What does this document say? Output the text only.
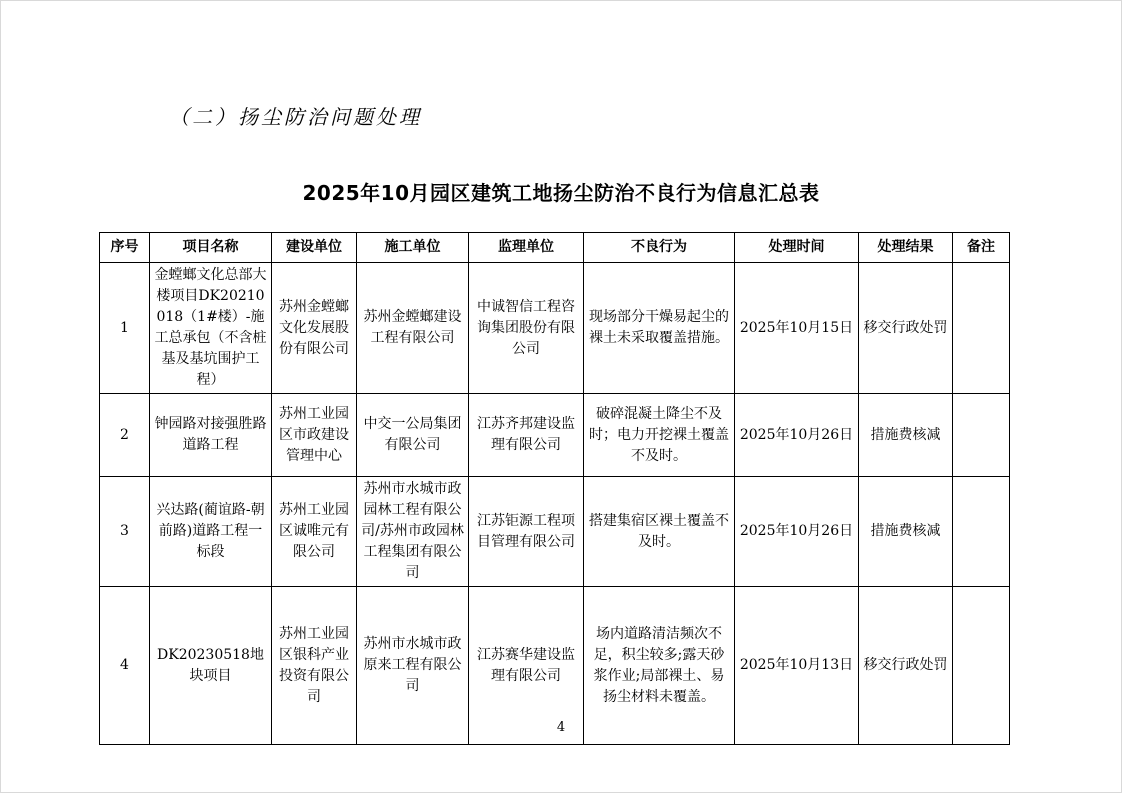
（二）扬尘防治问题处理
2025年10月园区建筑工地扬尘防治不良行为信息汇总表
序号	项目名称	建设单位	施工单位	监理单位	不良行为	处理时间	处理结果	备注
1	金螳螂文化总部大楼项目DK20210018（1#楼）-施工总承包（不含桩基及基坑围护工程）	苏州金螳螂文化发展股份有限公司	苏州金螳螂建设工程有限公司	中诚智信工程咨询集团股份有限公司	现场部分干燥易起尘的裸土未采取覆盖措施。	2025年10月15日	移交行政处罚	
2	钟园路对接强胜路道路工程	苏州工业园区市政建设管理中心	中交一公局集团有限公司	江苏齐邦建设监理有限公司	破碎混凝土降尘不及时；电力开挖裸土覆盖不及时。	2025年10月26日	措施费核减	
3	兴达路(蔺谊路-朝前路)道路工程一标段	苏州工业园区诚唯元有限公司	苏州市水城市政园林工程有限公司/苏州市政园林工程集团有限公司	江苏钜源工程项目管理有限公司	搭建集宿区裸土覆盖不及时。	2025年10月26日	措施费核减	
4	DK20230518地块项目	苏州工业园区银科产业投资有限公司	苏州市水城市政原来工程有限公司	江苏赛华建设监理有限公司	场内道路清洁频次不足，积尘较多;露天砂浆作业;局部裸土、易扬尘材料未覆盖。	2025年10月13日	移交行政处罚	
4
